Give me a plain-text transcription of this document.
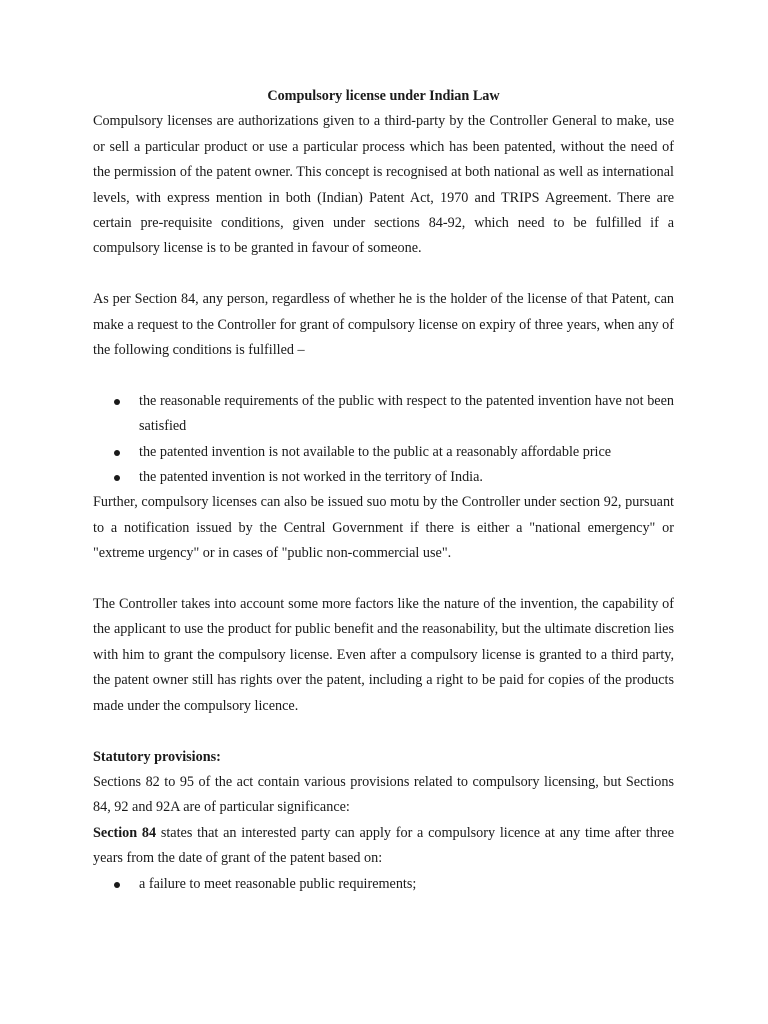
Compulsory license under Indian Law

Compulsory licenses are authorizations given to a third-party by the Controller General to make, use or sell a particular product or use a particular process which has been patented, without the need of the permission of the patent owner. This concept is recognised at both national as well as international levels, with express mention in both (Indian) Patent Act, 1970 and TRIPS Agreement. There are certain pre-requisite conditions, given under sections 84-92, which need to be fulfilled if a compulsory license is to be granted in favour of someone.

As per Section 84, any person, regardless of whether he is the holder of the license of that Patent, can make a request to the Controller for grant of compulsory license on expiry of three years, when any of the following conditions is fulfilled –

the reasonable requirements of the public with respect to the patented invention have not been satisfied
the patented invention is not available to the public at a reasonably affordable price
the patented invention is not worked in the territory of India.

Further, compulsory licenses can also be issued suo motu by the Controller under section 92, pursuant to a notification issued by the Central Government if there is either a "national emergency" or "extreme urgency" or in cases of "public non-commercial use".

The Controller takes into account some more factors like the nature of the invention, the capability of the applicant to use the product for public benefit and the reasonability, but the ultimate discretion lies with him to grant the compulsory license. Even after a compulsory license is granted to a third party, the patent owner still has rights over the patent, including a right to be paid for copies of the products made under the compulsory licence.

Statutory provisions:

Sections 82 to 95 of the act contain various provisions related to compulsory licensing, but Sections 84, 92 and 92A are of particular significance:

Section 84 states that an interested party can apply for a compulsory licence at any time after three years from the date of grant of the patent based on:

a failure to meet reasonable public requirements;
